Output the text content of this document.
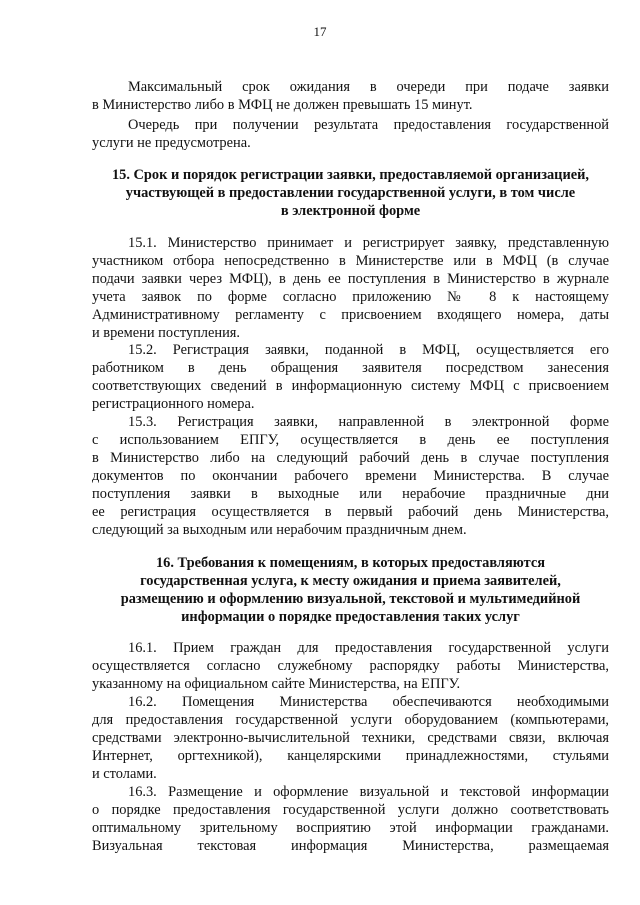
17
Максимальный срок ожидания в очереди при подаче заявки
в Министерство либо в МФЦ не должен превышать 15 минут.
Очередь при получении результата предоставления государственной
услуги не предусмотрена.
15. Срок и порядок регистрации заявки, предоставляемой организацией,
участвующей в предоставлении государственной услуги, в том числе
в электронной форме
15.1. Министерство принимает и регистрирует заявку, представленную
участником отбора непосредственно в Министерстве или в МФЦ (в случае
подачи заявки через МФЦ), в день ее поступления в Министерство в журнале
учета заявок по форме согласно приложению № 8 к настоящему
Административному регламенту с присвоением входящего номера, даты
и времени поступления.
15.2. Регистрация заявки, поданной в МФЦ, осуществляется его
работником в день обращения заявителя посредством занесения
соответствующих сведений в информационную систему МФЦ с присвоением
регистрационного номера.
15.3. Регистрация заявки, направленной в электронной форме
с использованием ЕПГУ, осуществляется в день ее поступления
в Министерство либо на следующий рабочий день в случае поступления
документов по окончании рабочего времени Министерства. В случае
поступления заявки в выходные или нерабочие праздничные дни
ее регистрация осуществляется в первый рабочий день Министерства,
следующий за выходным или нерабочим праздничным днем.
16. Требования к помещениям, в которых предоставляются
государственная услуга, к месту ожидания и приема заявителей,
размещению и оформлению визуальной, текстовой и мультимедийной
информации о порядке предоставления таких услуг
16.1. Прием граждан для предоставления государственной услуги
осуществляется согласно служебному распорядку работы Министерства,
указанному на официальном сайте Министерства, на ЕПГУ.
16.2. Помещения Министерства обеспечиваются необходимыми
для предоставления государственной услуги оборудованием (компьютерами,
средствами электронно-вычислительной техники, средствами связи, включая
Интернет, оргтехникой), канцелярскими принадлежностями, стульями
и столами.
16.3. Размещение и оформление визуальной и текстовой информации
о порядке предоставления государственной услуги должно соответствовать
оптимальному зрительному восприятию этой информации гражданами.
Визуальная текстовая информация Министерства, размещаемая
